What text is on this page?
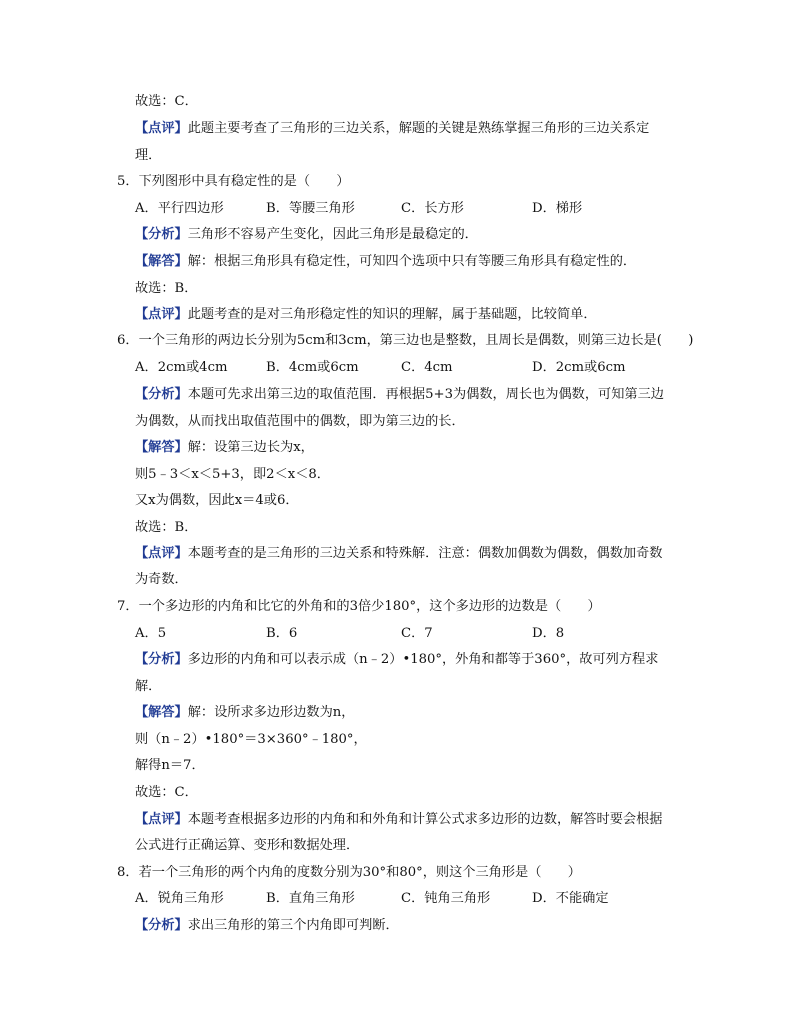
故选：C．
【点评】此题主要考查了三角形的三边关系，解题的关键是熟练掌握三角形的三边关系定
理．
5．下列图形中具有稳定性的是（　　）
A．平行四边形	B．等腰三角形	C．长方形	D．梯形
【分析】三角形不容易产生变化，因此三角形是最稳定的．
【解答】解：根据三角形具有稳定性，可知四个选项中只有等腰三角形具有稳定性的．
故选：B．
【点评】此题考查的是对三角形稳定性的知识的理解，属于基础题，比较简单．
6．一个三角形的两边长分别为5cm和3cm，第三边也是整数，且周长是偶数，则第三边长是(　　)
A．2cm或4cm	B．4cm或6cm	C．4cm	D．2cm或6cm
【分析】本题可先求出第三边的取值范围．再根据5+3为偶数，周长也为偶数，可知第三边
为偶数，从而找出取值范围中的偶数，即为第三边的长．
【解答】解：设第三边长为x，
则5﹣3＜x＜5+3，即2＜x＜8．
又x为偶数，因此x＝4或6．
故选：B．
【点评】本题考查的是三角形的三边关系和特殊解．注意：偶数加偶数为偶数，偶数加奇数
为奇数．
7．一个多边形的内角和比它的外角和的3倍少180°，这个多边形的边数是（　　）
A．5	B．6	C．7	D．8
【分析】多边形的内角和可以表示成（n﹣2）•180°，外角和都等于360°，故可列方程求
解．
【解答】解：设所求多边形边数为n，
则（n﹣2）•180°＝3×360°﹣180°，
解得n＝7．
故选：C．
【点评】本题考查根据多边形的内角和和外角和计算公式求多边形的边数，解答时要会根据
公式进行正确运算、变形和数据处理．
8．若一个三角形的两个内角的度数分别为30°和80°，则这个三角形是（　　）
A．锐角三角形	B．直角三角形	C．钝角三角形	D．不能确定
【分析】求出三角形的第三个内角即可判断．
